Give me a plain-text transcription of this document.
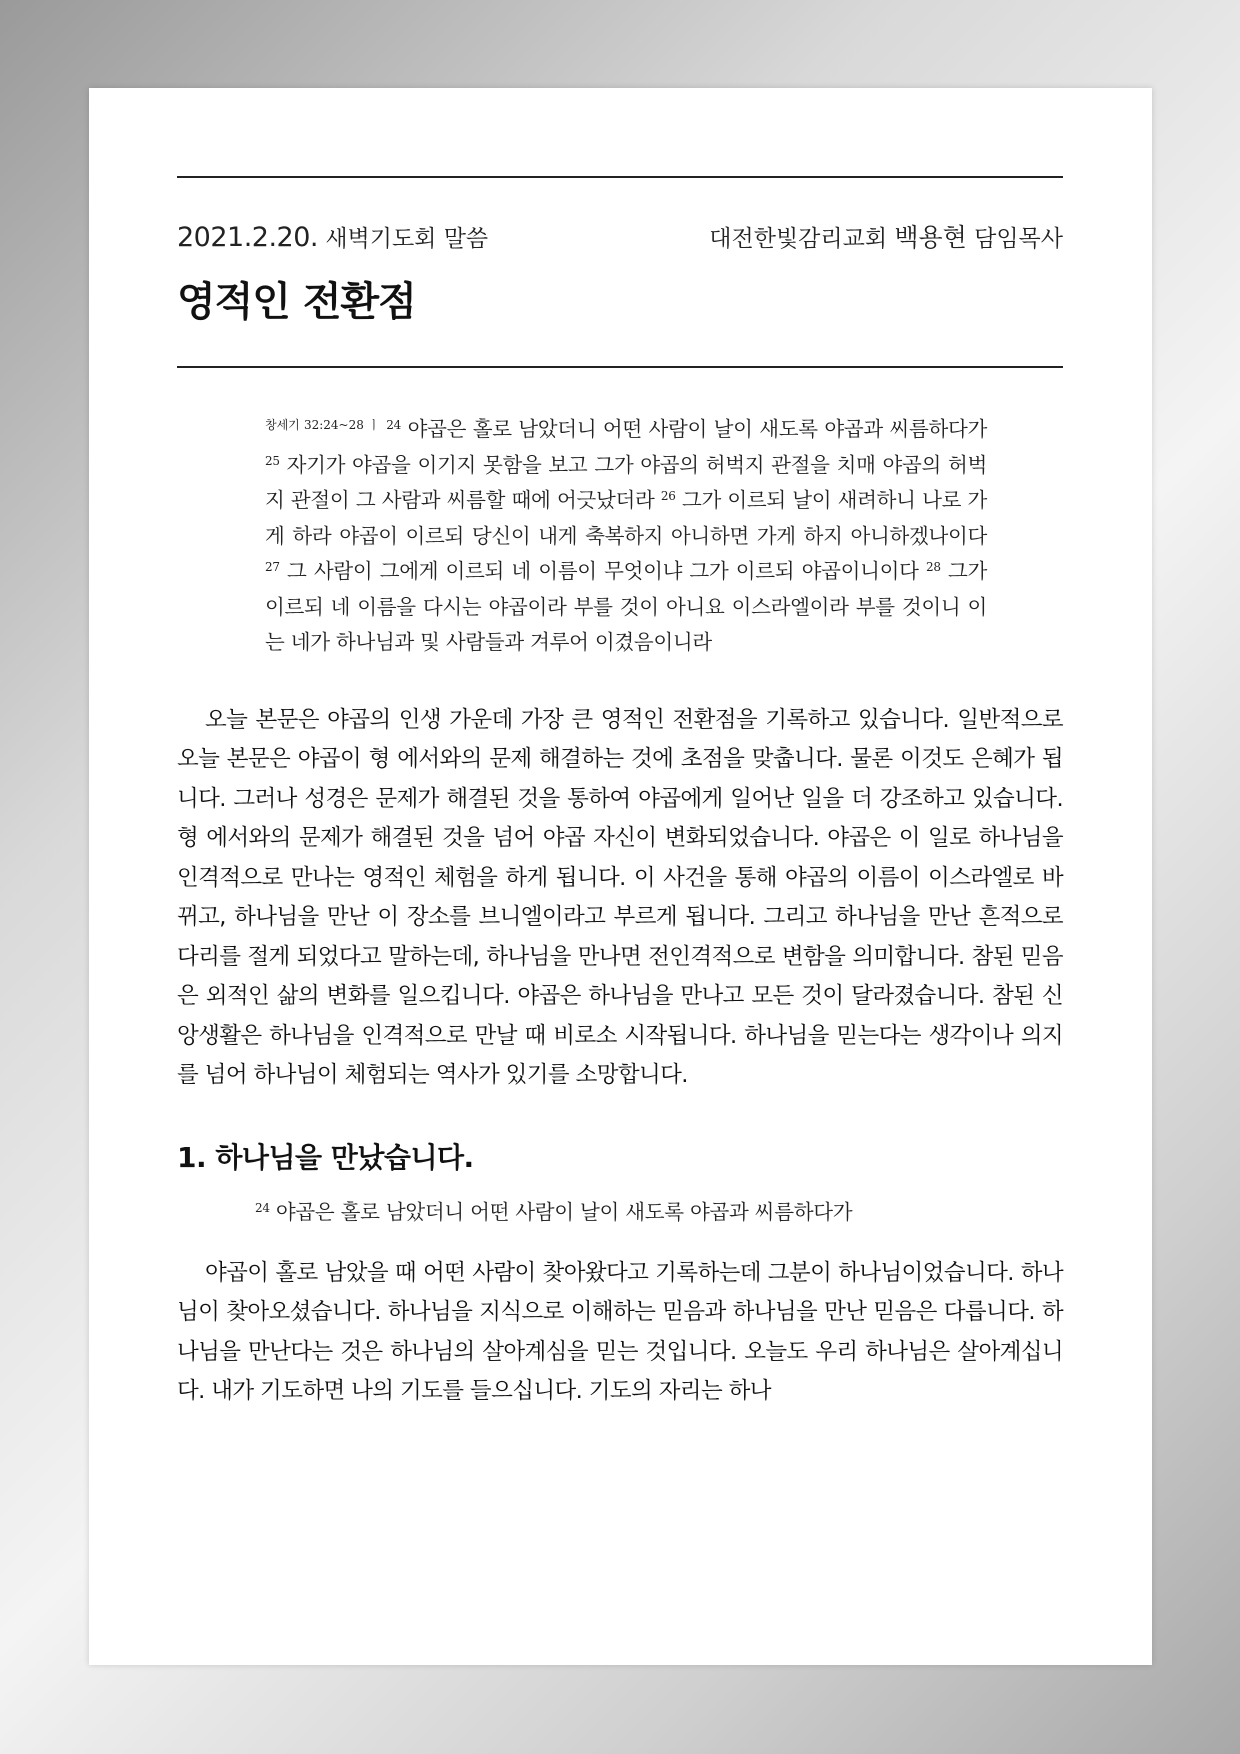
2021.2.20. 새벽기도회 말씀	대전한빛감리교회 백용현 담임목사
영적인 전환점
$^{창세기 32:24\sim 28 ㅣ}$ $^{24}$ 야곱은 홀로 남았더니 어떤 사람이 날이 새도록 야곱과 씨름하다가 $^{25}$ 자기가 야곱을 이기지 못함을 보고 그가 야곱의 허벅지 관절을 치매 야곱의 허벅지 관절이 그 사람과 씨름할 때에 어긋났더라 $^{26}$ 그가 이르되 날이 새려하니 나로 가게 하라 야곱이 이르되 당신이 내게 축복하지 아니하면 가게 하지 아니하겠나이다 $^{27}$ 그 사람이 그에게 이르되 네 이름이 무엇이냐 그가 이르되 야곱이니이다 $^{28}$ 그가 이르되 네 이름을 다시는 야곱이라 부를 것이 아니요 이스라엘이라 부를 것이니 이는 네가 하나님과 및 사람들과 겨루어 이겼음이니라

오늘 본문은 야곱의 인생 가운데 가장 큰 영적인 전환점을 기록하고 있습니다. 일반적으로 오늘 본문은 야곱이 형 에서와의 문제 해결하는 것에 초점을 맞춥니다. 물론 이것도 은혜가 됩니다. 그러나 성경은 문제가 해결된 것을 통하여 야곱에게 일어난 일을 더 강조하고 있습니다. 형 에서와의 문제가 해결된 것을 넘어 야곱 자신이 변화되었습니다. 야곱은 이 일로 하나님을 인격적으로 만나는 영적인 체험을 하게 됩니다. 이 사건을 통해 야곱의 이름이 이스라엘로 바뀌고, 하나님을 만난 이 장소를 브니엘이라고 부르게 됩니다. 그리고 하나님을 만난 흔적으로 다리를 절게 되었다고 말하는데, 하나님을 만나면 전인격적으로 변함을 의미합니다. 참된 믿음은 외적인 삶의 변화를 일으킵니다. 야곱은 하나님을 만나고 모든 것이 달라졌습니다. 참된 신앙생활은 하나님을 인격적으로 만날 때 비로소 시작됩니다. 하나님을 믿는다는 생각이나 의지를 넘어 하나님이 체험되는 역사가 있기를 소망합니다.

1. 하나님을 만났습니다.
$^{24}$ 야곱은 홀로 남았더니 어떤 사람이 날이 새도록 야곱과 씨름하다가

야곱이 홀로 남았을 때 어떤 사람이 찾아왔다고 기록하는데 그분이 하나님이었습니다. 하나님이 찾아오셨습니다. 하나님을 지식으로 이해하는 믿음과 하나님을 만난 믿음은 다릅니다. 하나님을 만난다는 것은 하나님의 살아계심을 믿는 것입니다. 오늘도 우리 하나님은 살아계십니다. 내가 기도하면 나의 기도를 들으십니다. 기도의 자리는 하나
